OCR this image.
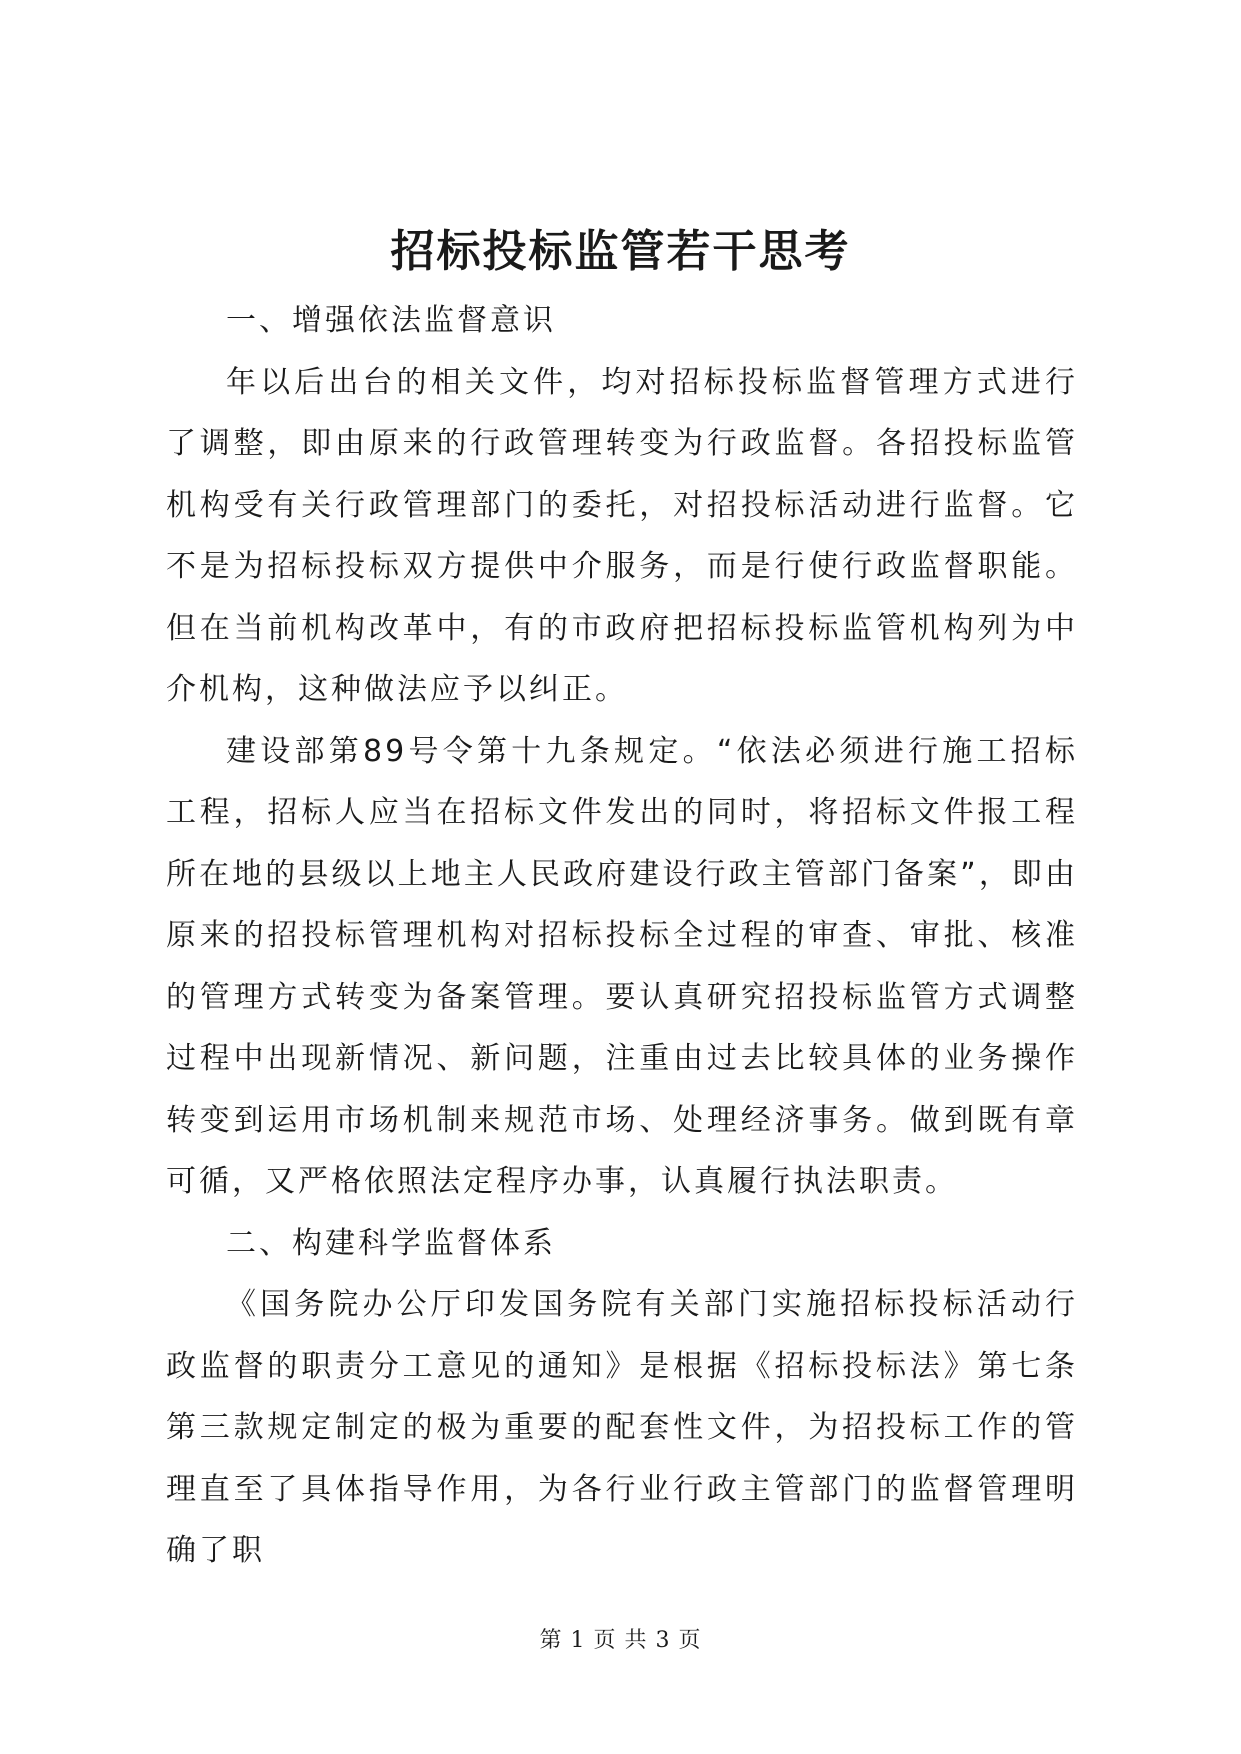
招标投标监管若干思考

一、增强依法监督意识

年以后出台的相关文件，均对招标投标监督管理方式进行了调整，即由原来的行政管理转变为行政监督。各招投标监管机构受有关行政管理部门的委托，对招投标活动进行监督。它不是为招标投标双方提供中介服务，而是行使行政监督职能。但在当前机构改革中，有的市政府把招标投标监管机构列为中介机构，这种做法应予以纠正。

建设部第89号令第十九条规定。“依法必须进行施工招标工程，招标人应当在招标文件发出的同时，将招标文件报工程所在地的县级以上地主人民政府建设行政主管部门备案”，即由原来的招投标管理机构对招标投标全过程的审查、审批、核准的管理方式转变为备案管理。要认真研究招投标监管方式调整过程中出现新情况、新问题，注重由过去比较具体的业务操作转变到运用市场机制来规范市场、处理经济事务。做到既有章可循，又严格依照法定程序办事，认真履行执法职责。

二、构建科学监督体系

《国务院办公厅印发国务院有关部门实施招标投标活动行政监督的职责分工意见的通知》是根据《招标投标法》第七条第三款规定制定的极为重要的配套性文件，为招投标工作的管理直至了具体指导作用，为各行业行政主管部门的监督管理明确了职

第 1 页 共 3 页
